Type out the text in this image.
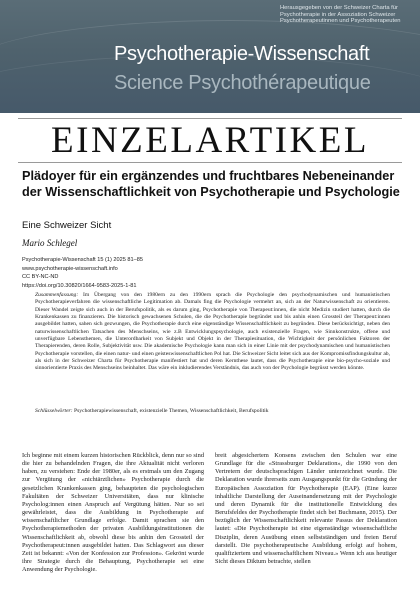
Herausgegeben von der Schweizer Charta für
Psychotherapie in der Assoziation Schweizer
Psychotherapeutinnen und Psychotherapeuten
Psychotherapie-Wissenschaft
Science Psychothérapeutique
EINZELARTIKEL
Plädoyer für ein ergänzendes und fruchtbares Nebeneinander der Wissenschaftlichkeit von Psychotherapie und Psychologie
Eine Schweizer Sicht
Mario Schlegel
Psychotherapie-Wissenschaft 15 (1) 2025 81–85
www.psychotherapie-wissenschaft.info
CC BY-NC-ND
https://doi.org/10.30820/1664-9583-2025-1-81
Zusammenfassung: Im Übergang von den 1980ern zu den 1990ern sprach die Psychologie den psychodynamischen und humanistischen Psychotherapieverfahren die wissenschaftliche Legitimation ab. Damals fing die Psychologie vermehrt an, sich an der Naturwissenschaft zu orientieren. Dieser Wandel zeigte sich auch in der Berufspolitik, als es darum ging, Psychotherapie von Therapeut:innen, die nicht Medizin studiert hatten, durch die Krankenkassen zu finanzieren. Die historisch gewachsenen Schulen, die die Psychotherapie begründet und bis anhin einen Grossteil der Therapeut:innen ausgebildet hatten, sahen sich gezwungen, die Psychotherapie durch eine eigenständige Wissenschaftlichkeit zu begründen. Diese berücksichtigt, neben den naturwissenschaftlichen Tatsachen des Menschseins, wie z.B Entwicklungspsychologie, auch existenzielle Fragen, wie Sinnkonstrukte, offene und unverfügbare Lebensthemen, die Unterordbarkeit von Subjekt und Objekt in der Therapiesituation, die Wichtigkeit der persönlichen Faktoren der Therapierenden, deren Rolle, Subjektivität usw. Die akademische Psychologie kann man sich in einer Linie mit der psychodynamischen und humanistischen Psychotherapie vorstellen, die einen natur- und einen geisteswissenschaftlichen Pol hat. Die Schweizer Sicht leitet sich aus der Kompromissfindungskultur ab, als sich in der Schweizer Charta für Psychotherapie manifestiert hat und deren Kernthese lautet, dass die Psychotherapie eine bio-psycho-soziale und sinnorientierte Praxis des Menschseins beinhaltet. Das wäre ein inkludierendes Verständnis, das auch von der Psychologie begrüsst werden könnte.
Schlüsselwörter: Psychotherapiewissenschaft, existenzielle Themen, Wissenschaftlichkeit, Berufspolitik
Ich beginne mit einem kurzen historischen Rückblick, denn nur so sind die hier zu behandelnden Fragen, die ihre Aktualität nicht verloren haben, zu verstehen: Ende der 1980er, als es erstmals um den Zugang zur Vergütung der «nichtärztlichen» Psychotherapie durch die gesetzlichen Krankenkassen ging, behaupteten die psychologischen Fakultäten der Schweizer Universitäten, dass nur klinische Psycholog:innen einen Anspruch auf Vergütung hätten. Nur so sei gewährleistet, dass die Ausbildung in Psychotherapie auf wissenschaftlicher Grundlage erfolge. Damit sprachen sie den Psychotherapiemethoden der privaten Ausbildungsinstitutionen die Wissenschaftlichkeit ab, obwohl diese bis anhin den Grossteil der Psychotherapeut:innen ausgebildet hatten. Das Schlagwort aus dieser Zeit ist bekannt: «Von der Konfession zur Profession». Gekrönt wurde ihre Strategie durch die Behauptung, Psychotherapie sei eine Anwendung der Psychologie.
breit abgesichertem Konsens zwischen den Schulen war eine Grundlage für die «Strassburger Deklaration», die 1990 von den Vertretern der deutschsprachigen Länder unterzeichnet wurde. Die Deklaration wurde ihrerseits zum Ausgangspunkt für die Gründung der Europäischen Assoziation für Psychotherapie (EAP). (Eine kurze inhaltliche Darstellung der Auseinandersetzung mit der Psychologie und deren Dynamik für die institutionelle Entwicklung des Berufsfeldes der Psychotherapie findet sich bei Buchmann, 2015). Der bezüglich der Wissenschaftlichkeit relevante Passus der Deklaration lautet: «Die Psychotherapie ist eine eigenständige wissenschaftliche Disziplin, deren Ausübung einen selbstständigen und freien Beruf darstellt. Die psychotherapeutische Ausbildung erfolgt auf hohem, qualifiziertem und wissenschaftlichem Niveau.» Wenn ich aus heutiger Sicht dieses Diktum betrachte, stellen
